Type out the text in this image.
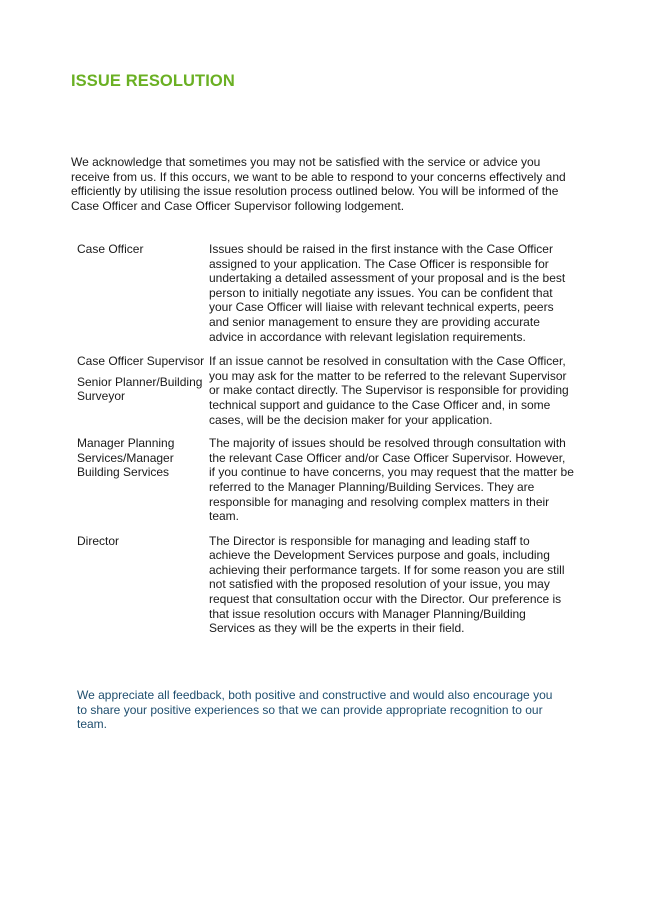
ISSUE RESOLUTION

We acknowledge that sometimes you may not be satisfied with the service or advice you receive from us. If this occurs, we want to be able to respond to your concerns effectively and efficiently by utilising the issue resolution process outlined below. You will be informed of the Case Officer and Case Officer Supervisor following lodgement.

Case Officer	Issues should be raised in the first instance with the Case Officer assigned to your application. The Case Officer is responsible for undertaking a detailed assessment of your proposal and is the best person to initially negotiate any issues. You can be confident that your Case Officer will liaise with relevant technical experts, peers and senior management to ensure they are providing accurate advice in accordance with relevant legislation requirements.
Case Officer Supervisor
Senior Planner/Building Surveyor
If an issue cannot be resolved in consultation with the Case Officer, you may ask for the matter to be referred to the relevant Supervisor or make contact directly. The Supervisor is responsible for providing technical support and guidance to the Case Officer and, in some cases, will be the decision maker for your application.
Manager Planning Services/Manager Building Services
The majority of issues should be resolved through consultation with the relevant Case Officer and/or Case Officer Supervisor. However, if you continue to have concerns, you may request that the matter be referred to the Manager Planning/Building Services. They are responsible for managing and resolving complex matters in their team.
Director	The Director is responsible for managing and leading staff to achieve the Development Services purpose and goals, including achieving their performance targets. If for some reason you are still not satisfied with the proposed resolution of your issue, you may request that consultation occur with the Director. Our preference is that issue resolution occurs with Manager Planning/Building Services as they will be the experts in their field.
We appreciate all feedback, both positive and constructive and would also encourage you to share your positive experiences so that we can provide appropriate recognition to our team.
